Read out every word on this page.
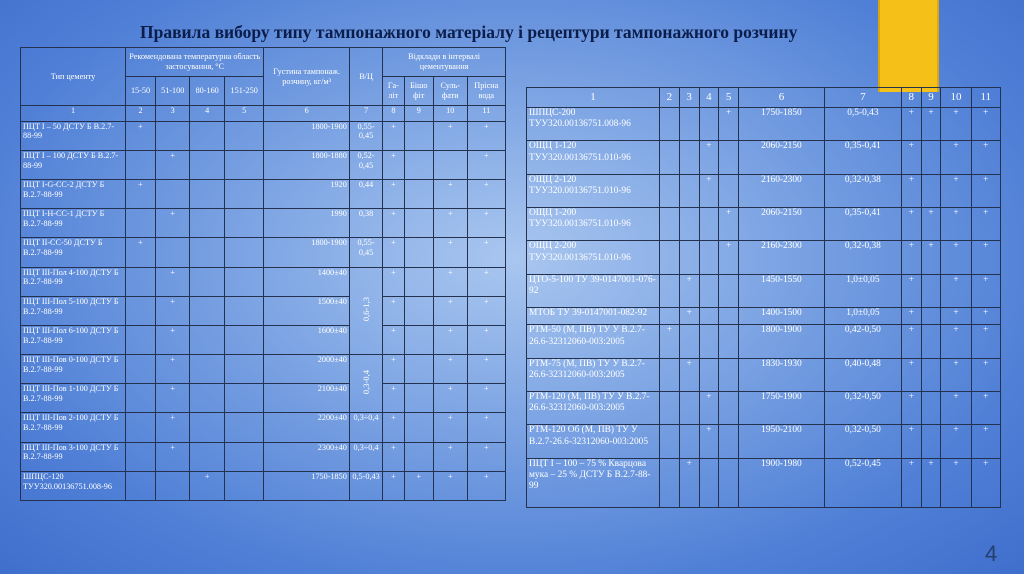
Правила вибору типу тампонажного матеріалу і рецептури тампонажного розчину
Тип цементу	Рекомендована температурна область застосування, °С				Густина тампонаж. розчину, кг/м³	В/Ц	Відклади в інтервалі цементування			
	15-50	51-100	80-160	151-250			Га-літ	Бішо фіт	Суль-фати	Прісна вода
1	2	3	4	5	6	7	8	9	10	11
ПЦТ І – 50 ДСТУ Б В.2.7-88-99	+				1800-1900	0,55-0,45	+		+	+
ПЦТ І – 100 ДСТУ Б В.2.7-88-99		+			1800-1880	0,52-0,45	+			+
ПЦТ І-G-СС-2 ДСТУ Б В.2.7-88-99	+				1920	0,44	+		+	+
ПЦТ І-Н-СС-1 ДСТУ Б В.2.7-88-99		+			1990	0,38	+		+	+
ПЦТ ІІ-СС-50 ДСТУ Б В.2.7-88-99	+				1800-1900	0,55-0,45	+		+	+
ПЦТ ІІІ-Пол 4-100 ДСТУ Б В.2.7-88-99		+			1400±40	0,6-1,3	+		+	+
ПЦТ ІІІ-Пол 5-100 ДСТУ Б В.2.7-88-99		+			1500±40		+		+	+
ПЦТ ІІІ-Пол 6-100 ДСТУ Б В.2.7-88-99		+			1600±40		+		+	+
ПЦТ ІІІ-Пов 0-100 ДСТУ Б В.2.7-88-99		+			2000±40	0,3-0,4	+		+	+
ПЦТ ІІІ-Пов 1-100 ДСТУ Б В.2.7-88-99		+			2100±40		+		+	+
ПЦТ ІІІ-Пов 2-100 ДСТУ Б В.2.7-88-99		+			2200±40	0,3÷0,4	+		+	+
ПЦТ ІІІ-Пов 3-100 ДСТУ Б В.2.7-88-99		+			2300±40	0,3÷0,4	+		+	+
ШПЦС-120 ТУУ320.00136751.008-96			+		1750-1850	0,5-0,43	+	+	+	+
1	2	3	4	5	6	7	8	9	10	11
ШПЦС-200 ТУУ320.00136751.008-96				+	1750-1850	0,5-0,43	+	+	+	+
ОЩЦ 1-120 ТУУ320.00136751.010-96			+		2060-2150	0,35-0,41	+		+	+
ОЩЦ 2-120 ТУУ320.00136751.010-96			+		2160-2300	0,32-0,38	+		+	+
ОЩЦ 1-200 ТУУ320.00136751.010-96				+	2060-2150	0,35-0,41	+	+	+	+
ОЩЦ 2-200 ТУУ320.00136751.010-96				+	2160-2300	0,32-0,38	+	+	+	+
ЦТО-5-100 ТУ 39-0147001-076-92		+			1450-1550	1,0±0,05	+		+	+
МТОБ ТУ 39-0147001-082-92		+			1400-1500	1,0±0,05	+		+	+
РТМ-50 (М, ПВ) ТУ У В.2.7-26.6-32312060-003:2005	+				1800-1900	0,42-0,50	+		+	+
РТМ-75 (М, ПВ) ТУ У В.2.7-26.6-32312060-003:2005		+			1830-1930	0,40-0,48	+		+	+
РТМ-120 (М, ПВ) ТУ У В.2.7-26.6-32312060-003:2005			+		1750-1900	0,32-0,50	+		+	+
РТМ-120 Об (М, ПВ) ТУ У В.2.7-26.6-32312060-003:2005			+		1950-2100	0,32-0,50	+		+	+
ПЦТ І – 100 – 75 % Кварцова мука – 25 % ДСТУ Б В.2.7-88-99		+			1900-1980	0,52-0,45	+	+	+	+
4
